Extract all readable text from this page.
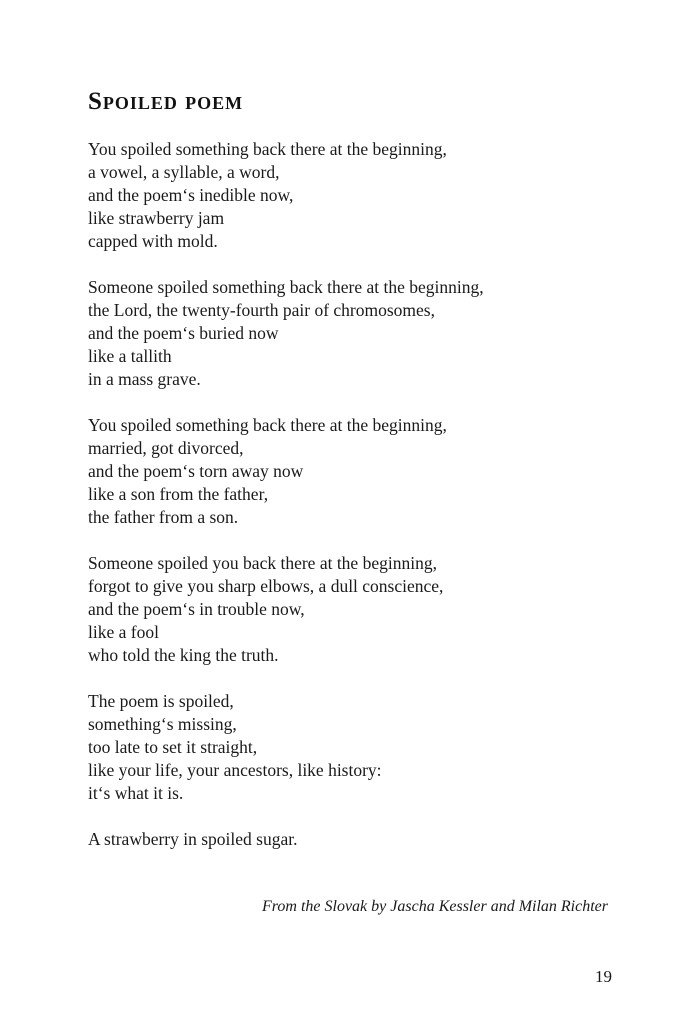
Spoiled poem
You spoiled something back there at the beginning,
a vowel, a syllable, a word,
and the poem‘s inedible now,
like strawberry jam
capped with mold.
Someone spoiled something back there at the beginning,
the Lord, the twenty-fourth pair of chromosomes,
and the poem‘s buried now
like a tallith
in a mass grave.
You spoiled something back there at the beginning,
married, got divorced,
and the poem‘s torn away now
like a son from the father,
the father from a son.
Someone spoiled you back there at the beginning,
forgot to give you sharp elbows, a dull conscience,
and the poem‘s in trouble now,
like a fool
who told the king the truth.
The poem is spoiled,
something‘s missing,
too late to set it straight,
like your life, your ancestors, like history:
it‘s what it is.
A strawberry in spoiled sugar.

From the Slovak by Jascha Kessler and Milan Richter

19
